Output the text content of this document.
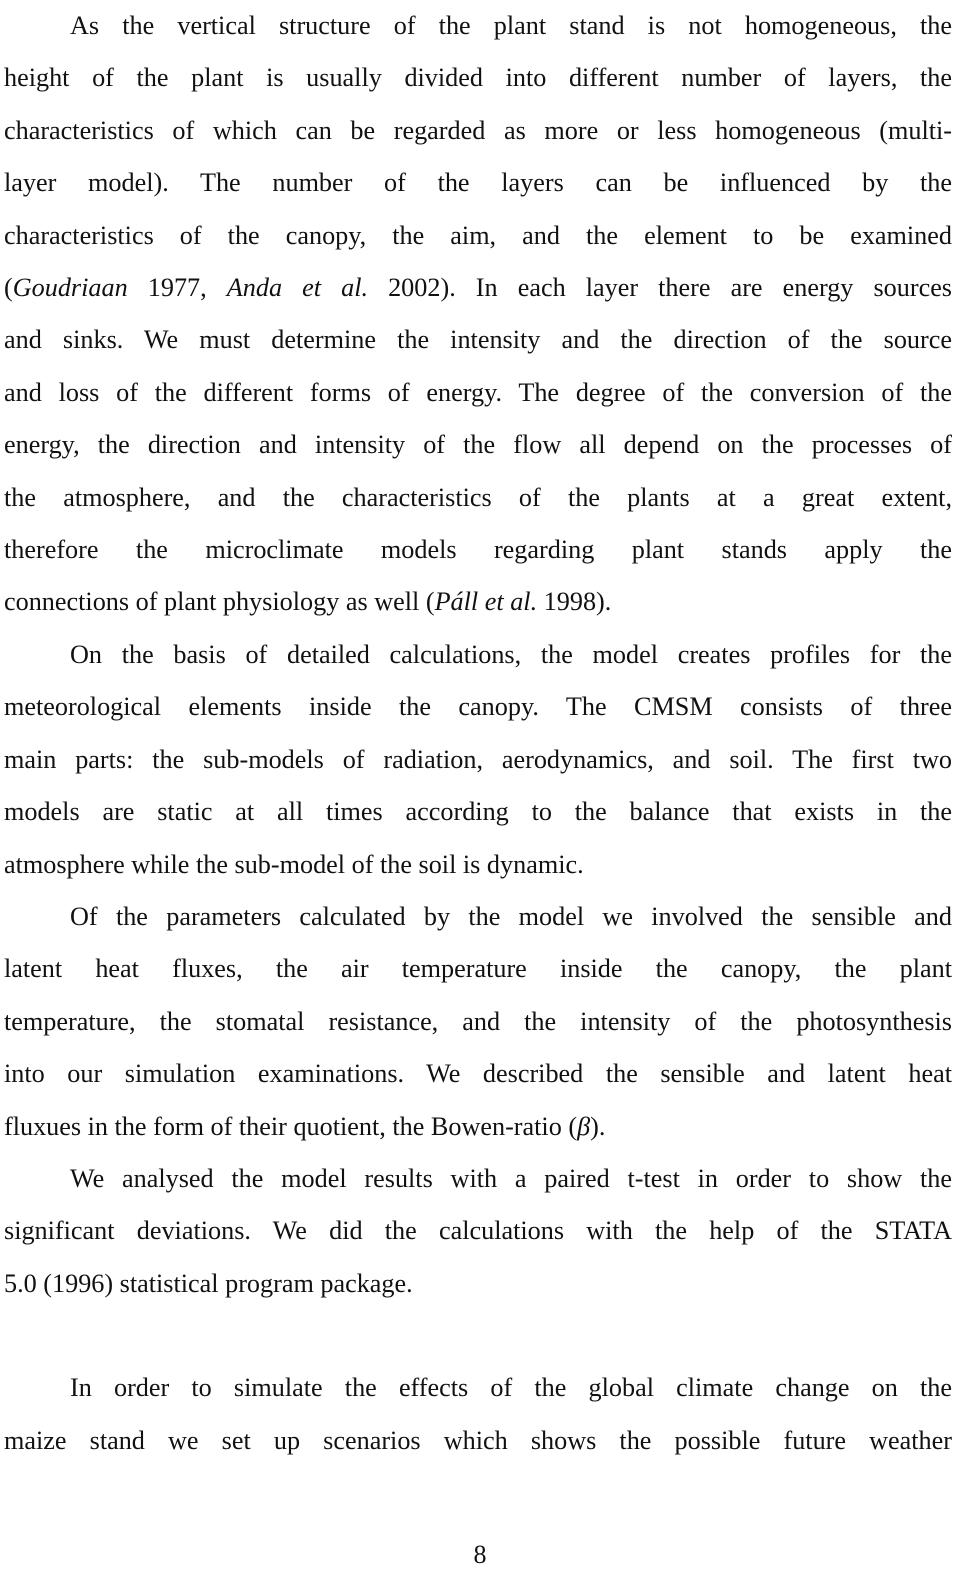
As the vertical structure of the plant stand is not homogeneous, the

height of the plant is usually divided into different number of layers, the

characteristics of which can be regarded as more or less homogeneous (multi-

layer model). The number of the layers can be influenced by the

characteristics of the canopy, the aim, and the element to be examined

(Goudriaan 1977, Anda et al. 2002). In each layer there are energy sources

and sinks. We must determine the intensity and the direction of the source

and loss of the different forms of energy. The degree of the conversion of the

energy, the direction and intensity of the flow all depend on the processes of

the atmosphere, and the characteristics of the plants at a great extent,

therefore the microclimate models regarding plant stands apply the

connections of plant physiology as well (Páll et al. 1998).

On the basis of detailed calculations, the model creates profiles for the

meteorological elements inside the canopy. The CMSM consists of three

main parts: the sub-models of radiation, aerodynamics, and soil. The first two

models are static at all times according to the balance that exists in the

atmosphere while the sub-model of the soil is dynamic.

Of the parameters calculated by the model we involved the sensible and

latent heat fluxes, the air temperature inside the canopy, the plant

temperature, the stomatal resistance, and the intensity of the photosynthesis

into our simulation examinations. We described the sensible and latent heat

fluxues in the form of their quotient, the Bowen-ratio (β).

We analysed the model results with a paired t-test in order to show the

significant deviations. We did the calculations with the help of the STATA

5.0 (1996) statistical program package.

In order to simulate the effects of the global climate change on the

maize stand we set up scenarios which shows the possible future weather

8
